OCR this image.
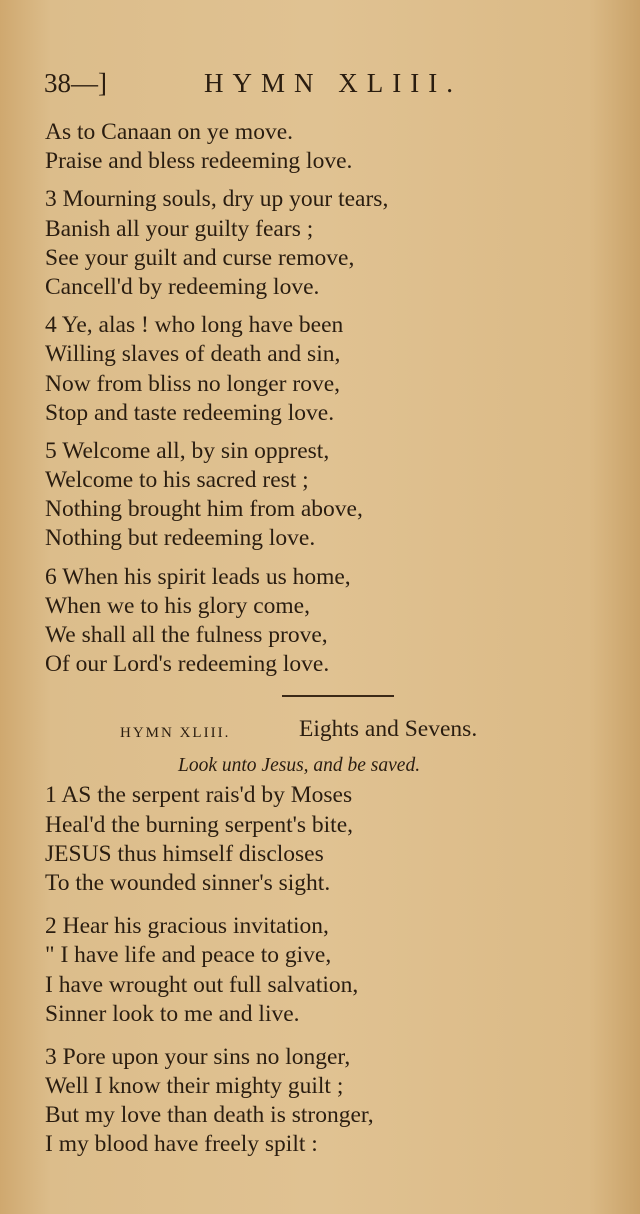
38—]	HYMN XLIII.
As to Canaan on ye move.
Praise and bless redeeming love.
3 Mourning souls, dry up your tears,
Banish all your guilty fears ;
See your guilt and curse remove,
Cancell'd by redeeming love.
4 Ye, alas ! who long have been
Willing slaves of death and sin,
Now from bliss no longer rove,
Stop and taste redeeming love.
5 Welcome all, by sin opprest,
Welcome to his sacred rest ;
Nothing brought him from above,
Nothing but redeeming love.
6 When his spirit leads us home,
When we to his glory come,
We shall all the fulness prove,
Of our Lord's redeeming love.
HYMN XLIII.	Eights and Sevens.
Look unto Jesus, and be saved.
1 AS the serpent rais'd by Moses
Heal'd the burning serpent's bite,
JESUS thus himself discloses
To the wounded sinner's sight.
2 Hear his gracious invitation,
" I have life and peace to give,
I have wrought out full salvation,
Sinner look to me and live.
3 Pore upon your sins no longer,
Well I know their mighty guilt ;
But my love than death is stronger,
I my blood have freely spilt :
